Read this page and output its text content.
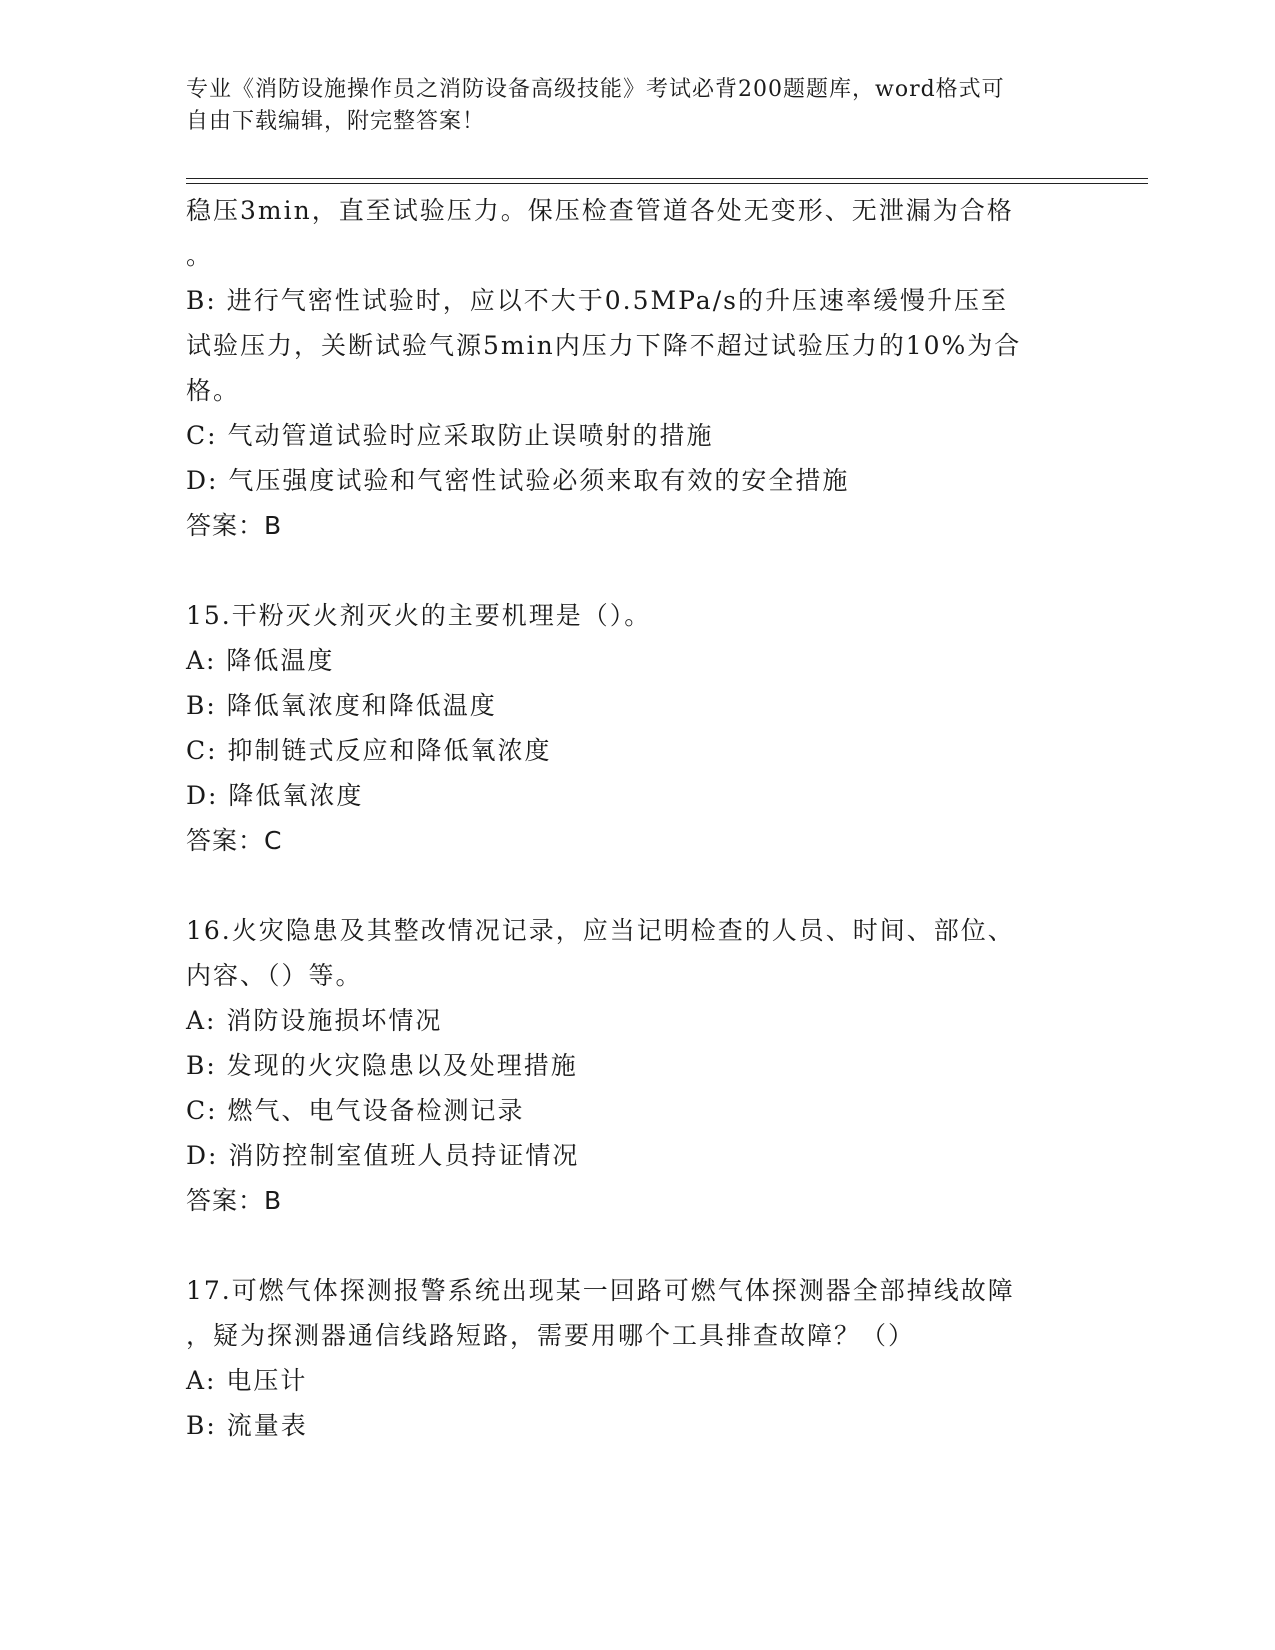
专业《消防设施操作员之消防设备高级技能》考试必背200题题库，word格式可
自由下载编辑，附完整答案！
稳压3min，直至试验压力。保压检查管道各处无变形、无泄漏为合格
。
B: 进行气密性试验时，应以不大于0.5MPa/s的升压速率缓慢升压至
试验压力，关断试验气源5min内压力下降不超过试验压力的10%为合
格。
C: 气动管道试验时应采取防止误喷射的措施
D: 气压强度试验和气密性试验必须来取有效的安全措施
答案：B
15.干粉灭火剂灭火的主要机理是（）。
A: 降低温度
B: 降低氧浓度和降低温度
C: 抑制链式反应和降低氧浓度
D: 降低氧浓度
答案：C
16.火灾隐患及其整改情况记录，应当记明检查的人员、时间、部位、
内容、（）等。
A: 消防设施损坏情况
B: 发现的火灾隐患以及处理措施
C: 燃气、电气设备检测记录
D: 消防控制室值班人员持证情况
答案：B
17.可燃气体探测报警系统出现某一回路可燃气体探测器全部掉线故障
，疑为探测器通信线路短路，需要用哪个工具排查故障？（）
A: 电压计
B: 流量表
